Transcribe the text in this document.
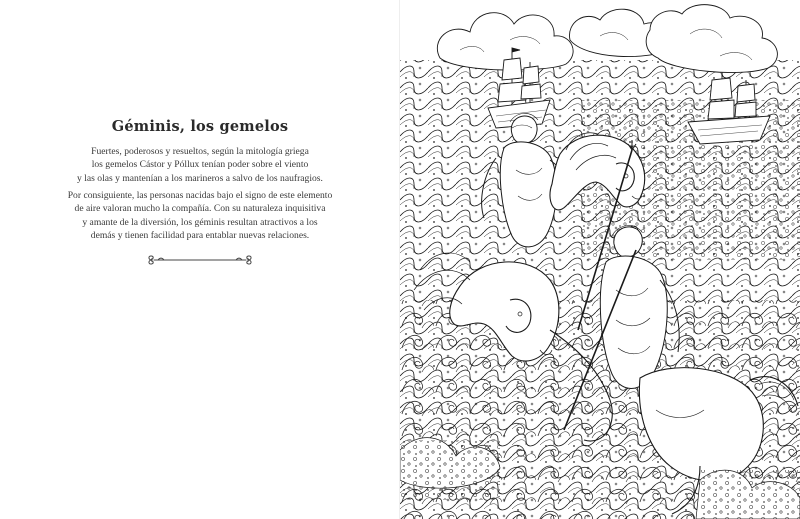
Géminis, los gemelos
Fuertes, poderosos y resueltos, según la mitología griega
los gemelos Cástor y Póllux tenían poder sobre el viento
y las olas y mantenían a los marineros a salvo de los naufragios.
Por consiguiente, las personas nacidas bajo el signo de este elemento
de aire valoran mucho la compañía. Con su naturaleza inquisitiva
y amante de la diversión, los géminis resultan atractivos a los
demás y tienen facilidad para entablar nuevas relaciones.
